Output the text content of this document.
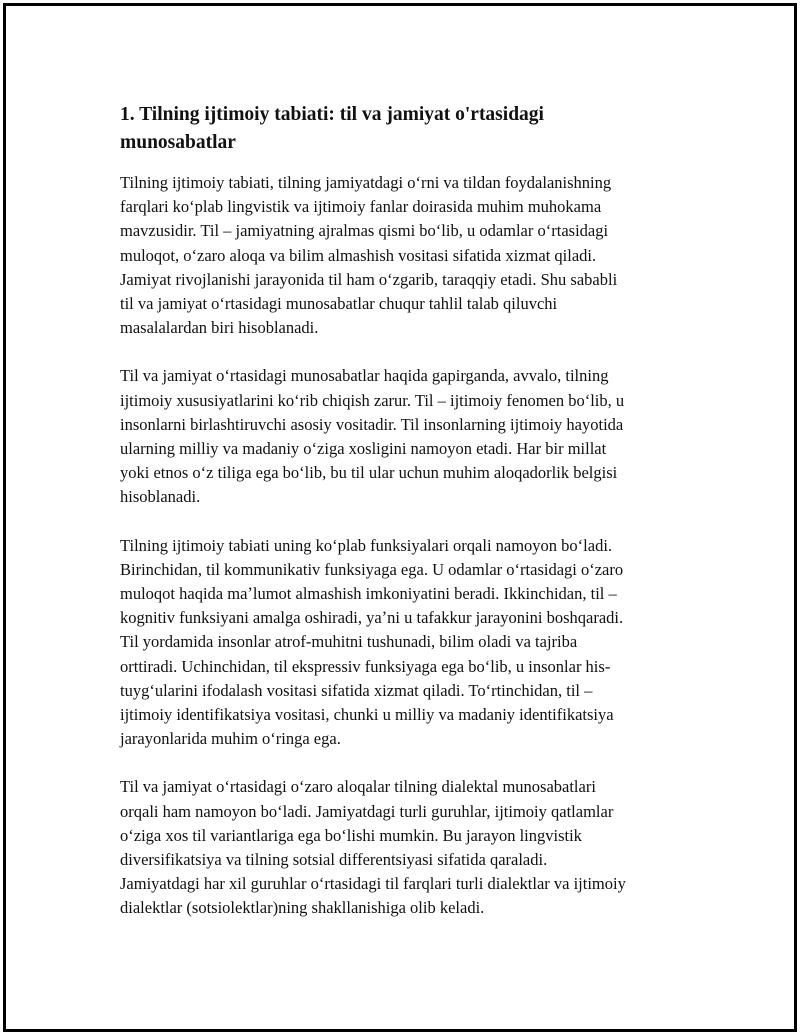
1. Tilning ijtimoiy tabiati: til va jamiyat o'rtasidagi
munosabatlar

Tilning ijtimoiy tabiati, tilning jamiyatdagi oʻrni va tildan foydalanishning
farqlari koʻplab lingvistik va ijtimoiy fanlar doirasida muhim muhokama
mavzusidir. Til – jamiyatning ajralmas qismi boʻlib, u odamlar oʻrtasidagi
muloqot, oʻzaro aloqa va bilim almashish vositasi sifatida xizmat qiladi.
Jamiyat rivojlanishi jarayonida til ham oʻzgarib, taraqqiy etadi. Shu sababli
til va jamiyat oʻrtasidagi munosabatlar chuqur tahlil talab qiluvchi
masalalardan biri hisoblanadi.

Til va jamiyat oʻrtasidagi munosabatlar haqida gapirganda, avvalo, tilning
ijtimoiy xususiyatlarini koʻrib chiqish zarur. Til – ijtimoiy fenomen boʻlib, u
insonlarni birlashtiruvchi asosiy vositadir. Til insonlarning ijtimoiy hayotida
ularning milliy va madaniy oʻziga xosligini namoyon etadi. Har bir millat
yoki etnos oʻz tiliga ega boʻlib, bu til ular uchun muhim aloqadorlik belgisi
hisoblanadi.

Tilning ijtimoiy tabiati uning koʻplab funksiyalari orqali namoyon boʻladi.
Birinchidan, til kommunikativ funksiyaga ega. U odamlar oʻrtasidagi oʻzaro
muloqot haqida maʼlumot almashish imkoniyatini beradi. Ikkinchidan, til –
kognitiv funksiyani amalga oshiradi, yaʼni u tafakkur jarayonini boshqaradi.
Til yordamida insonlar atrof-muhitni tushunadi, bilim oladi va tajriba
orttiradi. Uchinchidan, til ekspressiv funksiyaga ega boʻlib, u insonlar his-
tuygʻularini ifodalash vositasi sifatida xizmat qiladi. Toʻrtinchidan, til –
ijtimoiy identifikatsiya vositasi, chunki u milliy va madaniy identifikatsiya
jarayonlarida muhim oʻringa ega.

Til va jamiyat oʻrtasidagi oʻzaro aloqalar tilning dialektal munosabatlari
orqali ham namoyon boʻladi. Jamiyatdagi turli guruhlar, ijtimoiy qatlamlar
oʻziga xos til variantlariga ega boʻlishi mumkin. Bu jarayon lingvistik
diversifikatsiya va tilning sotsial differentsiyasi sifatida qaraladi.
Jamiyatdagi har xil guruhlar oʻrtasidagi til farqlari turli dialektlar va ijtimoiy
dialektlar (sotsiolektlar)ning shakllanishiga olib keladi.
